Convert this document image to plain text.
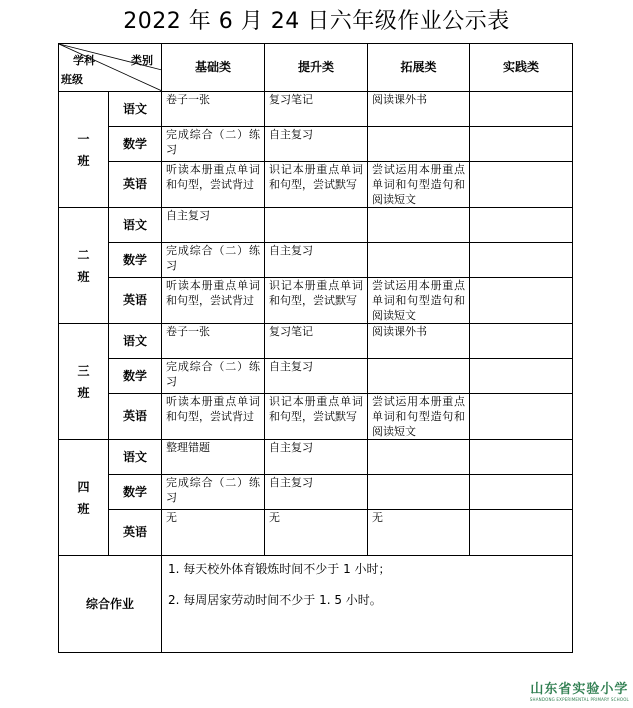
2022 年 6 月 24 日六年级作业公示表
学科 类别
班级		基础类	提升类	拓展类	实践类

一
班	语文	卷子一张	复习笔记	阅读课外书	
	数学	完成综合（二）练习	自主复习		
	英语	听读本册重点单词和句型，尝试背过	识记本册重点单词和句型，尝试默写	尝试运用本册重点单词和句型造句和阅读短文	

二
班	语文	自主复习			
	数学	完成综合（二）练习	自主复习		
	英语	听读本册重点单词和句型，尝试背过	识记本册重点单词和句型，尝试默写	尝试运用本册重点单词和句型造句和阅读短文	

三
班	语文	卷子一张	复习笔记	阅读课外书	
	数学	完成综合（二）练习	自主复习		
	英语	听读本册重点单词和句型，尝试背过	识记本册重点单词和句型，尝试默写	尝试运用本册重点单词和句型造句和阅读短文	

四
班	语文	整理错题	自主复习		
	数学	完成综合（二）练习	自主复习		
	英语	无	无	无	
综合作业		1. 每天校外体育锻炼时间不少于 1 小时；

2. 每周居家劳动时间不少于 1. 5 小时。			

山东省实验小学
SHANDONG EXPERIMENTAL PRIMARY SCHOOL
